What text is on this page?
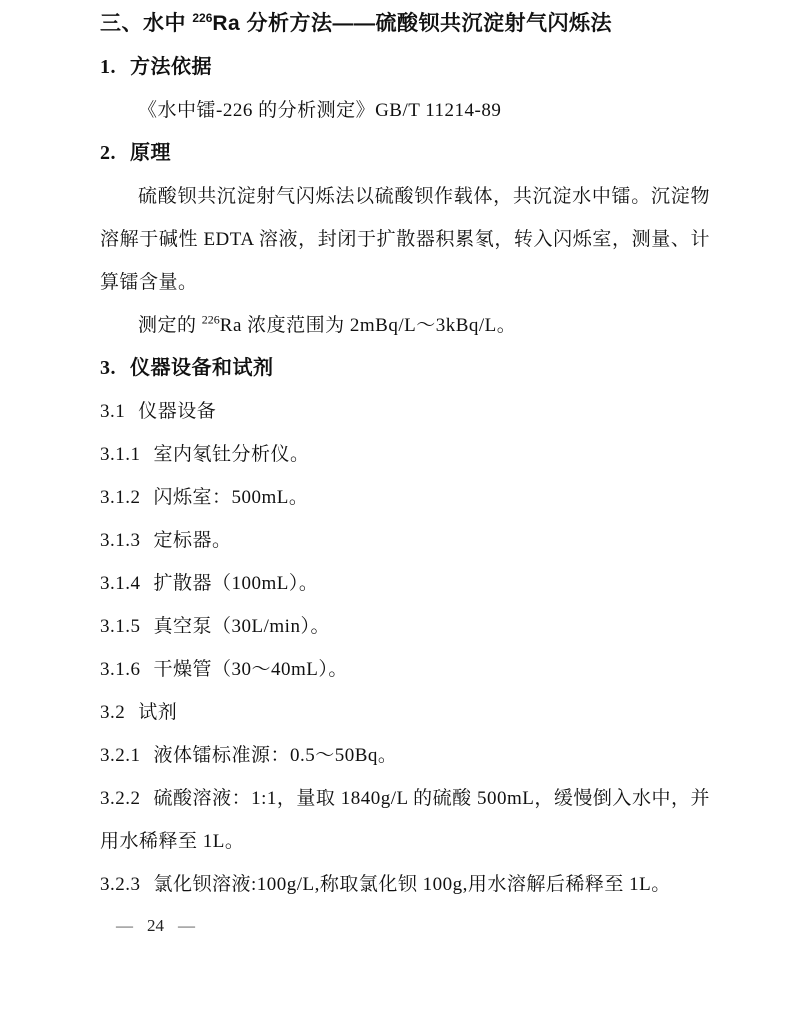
三、水中 $^{226}$Ra 分析方法——硫酸钡共沉淀射气闪烁法
1. 方法依据
《水中镭-226 的分析测定》GB/T 11214-89
2. 原理
硫酸钡共沉淀射气闪烁法以硫酸钡作载体，共沉淀水中镭。沉淀物溶解于碱性 EDTA 溶液，封闭于扩散器积累氡，转入闪烁室，测量、计算镭含量。
测定的 $^{226}$Ra 浓度范围为 2mBq/L～3kBq/L。
3. 仪器设备和试剂
3.1 仪器设备
3.1.1 室内氡钍分析仪。
3.1.2 闪烁室：500mL。
3.1.3 定标器。
3.1.4 扩散器（100mL）。
3.1.5 真空泵（30L/min）。
3.1.6 干燥管（30～40mL）。
3.2 试剂
3.2.1 液体镭标准源：0.5～50Bq。
3.2.2 硫酸溶液：1:1，量取 1840g/L 的硫酸 500mL，缓慢倒入水中，并用水稀释至 1L。
3.2.3 氯化钡溶液:100g/L,称取氯化钡 100g,用水溶解后稀释至 1L。
— 24 —
